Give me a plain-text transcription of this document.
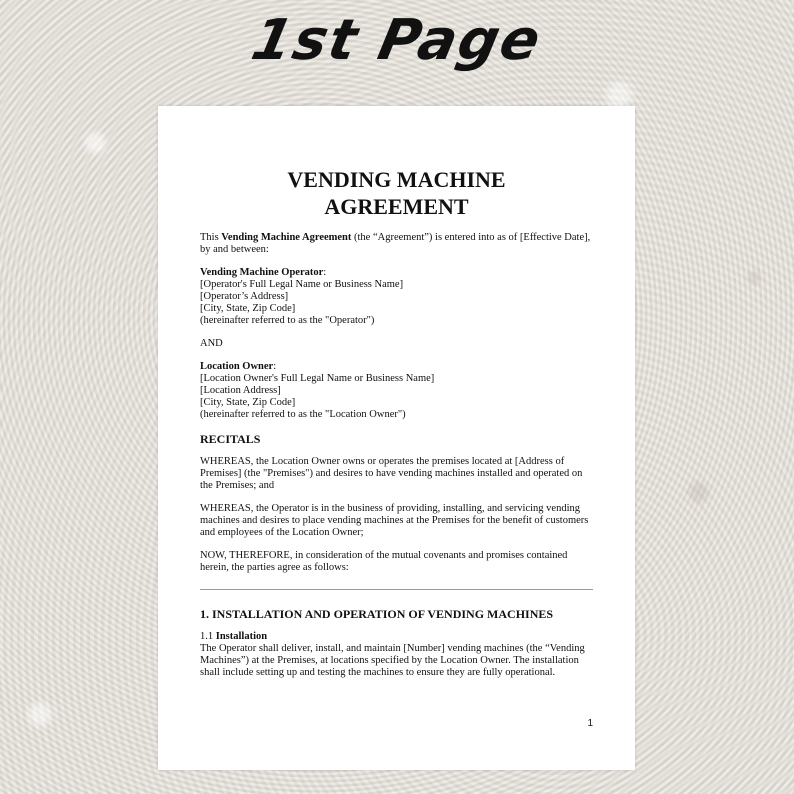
1st Page
VENDING MACHINE
AGREEMENT

This Vending Machine Agreement (the “Agreement”) is entered into as of [Effective Date], by and between:

Vending Machine Operator:
[Operator's Full Legal Name or Business Name]
[Operator’s Address]
[City, State, Zip Code]
(hereinafter referred to as the "Operator")

AND

Location Owner:
[Location Owner's Full Legal Name or Business Name]
[Location Address]
[City, State, Zip Code]
(hereinafter referred to as the "Location Owner")
RECITALS

WHEREAS, the Location Owner owns or operates the premises located at [Address of Premises] (the "Premises") and desires to have vending machines installed and operated on the Premises; and

WHEREAS, the Operator is in the business of providing, installing, and servicing vending machines and desires to place vending machines at the Premises for the benefit of customers and employees of the Location Owner;

NOW, THEREFORE, in consideration of the mutual covenants and promises contained herein, the parties agree as follows:

1. INSTALLATION AND OPERATION OF VENDING MACHINES

1.1 Installation
The Operator shall deliver, install, and maintain [Number] vending machines (the “Vending Machines”) at the Premises, at locations specified by the Location Owner. The installation shall include setting up and testing the machines to ensure they are fully operational.

1
